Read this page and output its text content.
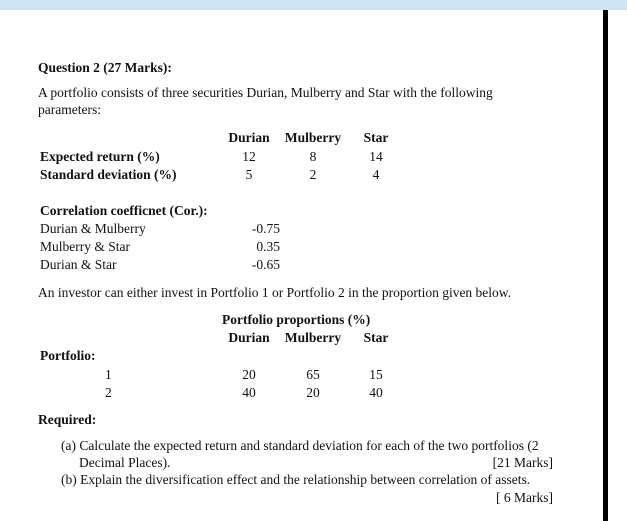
Question 2 (27 Marks):
A portfolio consists of three securities Durian, Mulberry and Star with the following
parameters:
Durian	Mulberry	Star
Expected return (%)	12	8	14
Standard deviation (%)	5	2	4
Correlation coefficnet (Cor.):
Durian & Mulberry	-0.75
Mulberry & Star	0.35
Durian & Star	-0.65
An investor can either invest in Portfolio 1 or Portfolio 2 in the proportion given below.
Portfolio proportions (%)
Durian	Mulberry	Star
Portfolio:
1	20	65	15
2	40	20	40
Required:
(a) Calculate the expected return and standard deviation for each of the two portfolios (2
Decimal Places).	[21 Marks]
(b) Explain the diversification effect and the relationship between correlation of assets.
[ 6 Marks]
